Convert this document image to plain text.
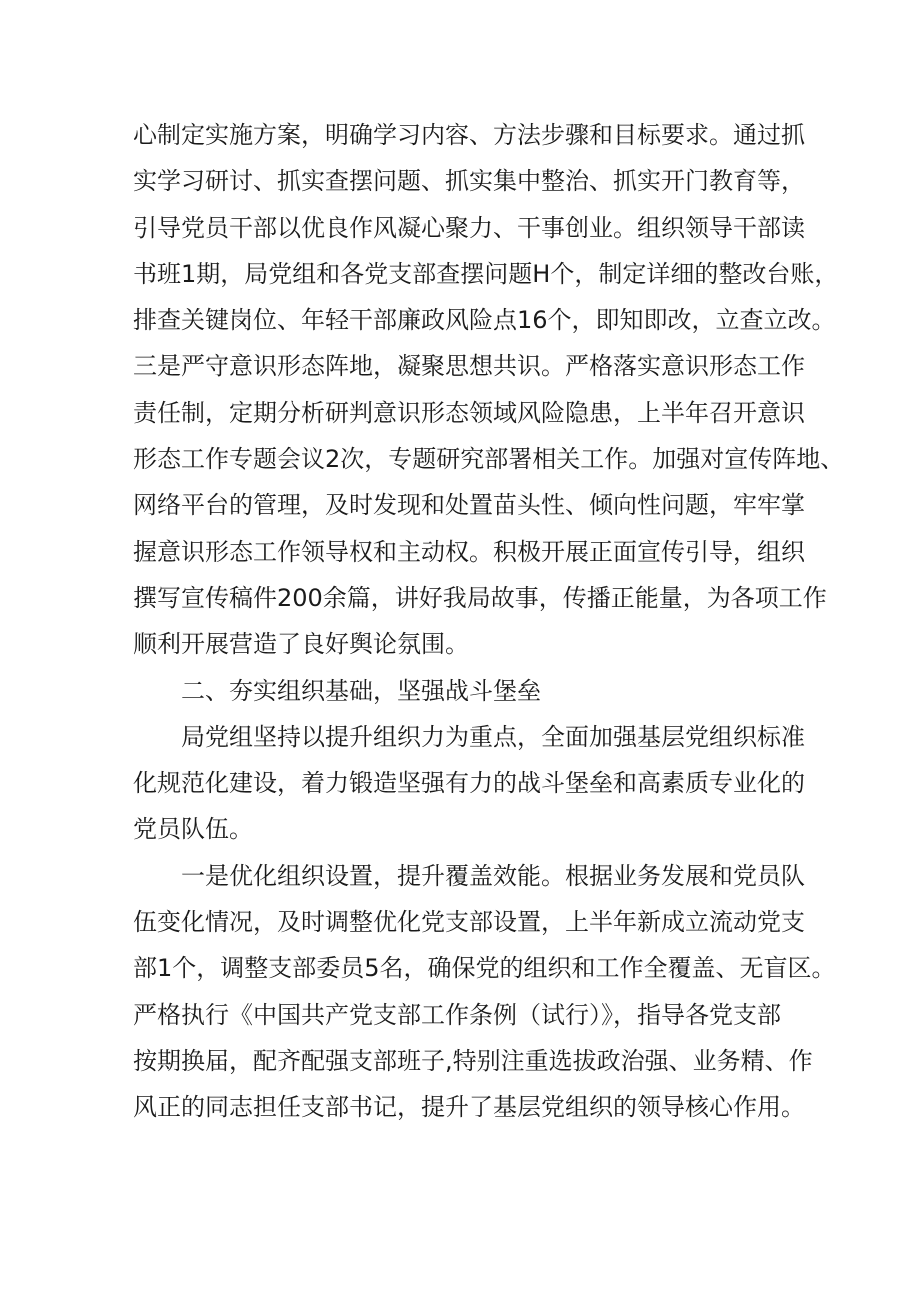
心制定实施方案，明确学习内容、方法步骤和目标要求。通过抓
实学习研讨、抓实查摆问题、抓实集中整治、抓实开门教育等，
引导党员干部以优良作风凝心聚力、干事创业。组织领导干部读
书班1期，局党组和各党支部查摆问题H个，制定详细的整改台账，
排查关键岗位、年轻干部廉政风险点16个，即知即改，立查立改。
三是严守意识形态阵地，凝聚思想共识。严格落实意识形态工作
责任制，定期分析研判意识形态领域风险隐患，上半年召开意识
形态工作专题会议2次，专题研究部署相关工作。加强对宣传阵地、
网络平台的管理，及时发现和处置苗头性、倾向性问题，牢牢掌
握意识形态工作领导权和主动权。积极开展正面宣传引导，组织
撰写宣传稿件200余篇，讲好我局故事，传播正能量，为各项工作
顺利开展营造了良好舆论氛围。
二、夯实组织基础，坚强战斗堡垒
局党组坚持以提升组织力为重点，全面加强基层党组织标准
化规范化建设，着力锻造坚强有力的战斗堡垒和高素质专业化的
党员队伍。
一是优化组织设置，提升覆盖效能。根据业务发展和党员队
伍变化情况，及时调整优化党支部设置，上半年新成立流动党支
部1个，调整支部委员5名，确保党的组织和工作全覆盖、无盲区。
严格执行《中国共产党支部工作条例（试行）》，指导各党支部
按期换届，配齐配强支部班子,特别注重选拔政治强、业务精、作
风正的同志担任支部书记，提升了基层党组织的领导核心作用。
